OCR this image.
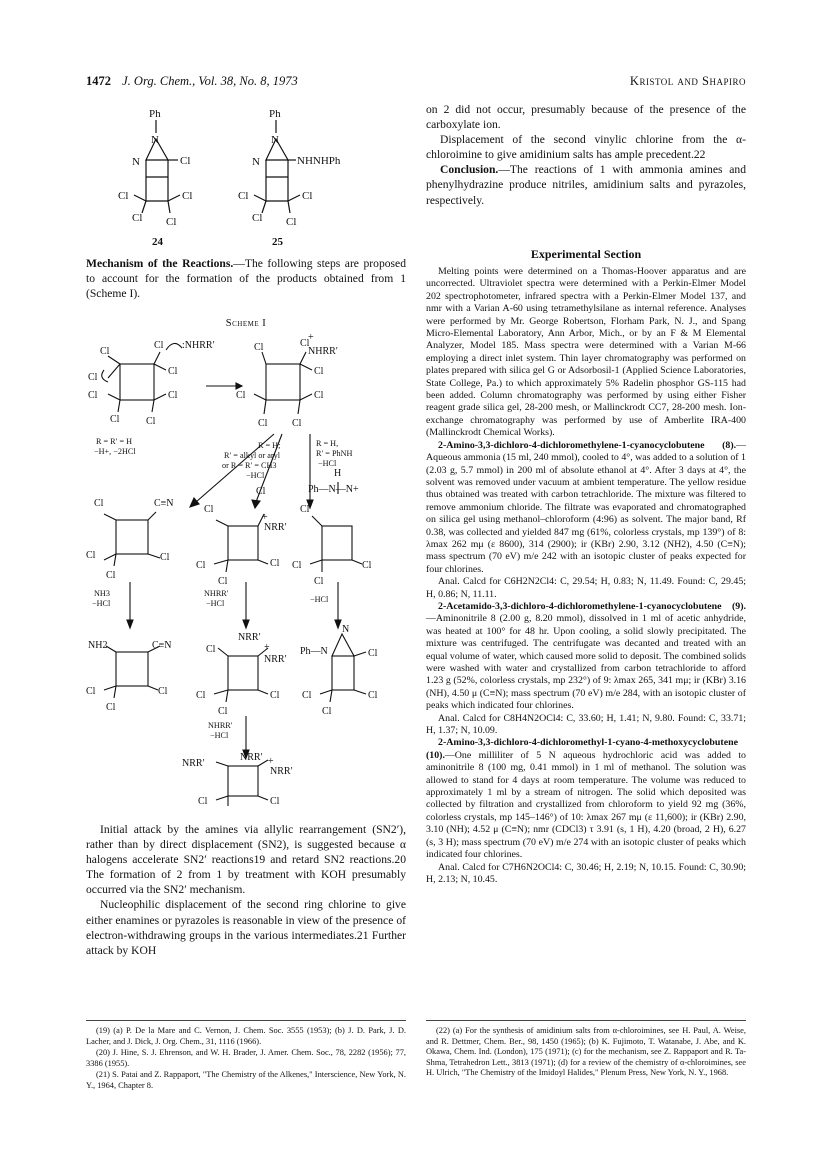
1472 J. Org. Chem., Vol. 38, No. 8, 1973	Kristol and Shapiro
Ph
N
N	Cl
Cl
Cl
Cl Cl
24
Ph
N
N	NHNHPh
Cl
Cl
Cl Cl
25

Mechanism of the Reactions.—The following steps are proposed to account for the formation of the products obtained from 1 (Scheme I).

Scheme I
Cl
Cl :NHRR′
Cl
Cl
Cl
Cl
Cl	Cl
Cl	Cl
+
NHRR′
Cl
Cl
Cl
Cl Cl
R = R′ = H
−H+, −2HCl
R = H;
R′ = alkyl or aryl
or R = R′ = CH3
−HCl
R = H,
R′ = PhNH
−HCl
Cl	C≡N
Cl	Cl
Cl
Cl
Cl
+
NRR′
Cl
Cl
Cl
H
Ph—N—N+
Cl
Cl
Cl
Cl
NH3
−HCl
NHRR′
−HCl	−HCl
NH2	C≡N
Cl	Cl
Cl
NRR′
Cl	+
NRR′
Cl
Cl
Cl
N
Ph—N	Cl
Cl
Cl
Cl
NHRR′
−HCl
NRR′
NRR′	+
NRR′
Cl
Cl

Initial attack by the amines via allylic rearrangement (SN2′), rather than by direct displacement (SN2), is suggested because α halogens accelerate SN2′ reactions19 and retard SN2 reactions.20 The formation of 2 from 1 by treatment with KOH presumably occurred via the SN2′ mechanism.

Nucleophilic displacement of the second ring chlorine to give either enamines or pyrazoles is reasonable in view of the presence of electron-withdrawing groups in the various intermediates.21 Further attack by KOH

(19) (a) P. De la Mare and C. Vernon, J. Chem. Soc. 3555 (1953); (b) J. D. Park, J. D. Lacher, and J. Dick, J. Org. Chem., 31, 1116 (1966).

(20) J. Hine, S. J. Ehrenson, and W. H. Brader, J. Amer. Chem. Soc., 78, 2282 (1956); 77, 3386 (1955).

(21) S. Patai and Z. Rappaport, "The Chemistry of the Alkenes," Interscience, New York, N. Y., 1964, Chapter 8.

on 2 did not occur, presumably because of the presence of the carboxylate ion.

Displacement of the second vinylic chlorine from the α-chloroimine to give amidinium salts has ample precedent.22

Conclusion.—The reactions of 1 with ammonia amines and phenylhydrazine produce nitriles, amidinium salts and pyrazoles, respectively.

Experimental Section

Melting points were determined on a Thomas-Hoover apparatus and are uncorrected. Ultraviolet spectra were determined with a Perkin-Elmer Model 202 spectrophotometer, infrared spectra with a Perkin-Elmer Model 137, and nmr with a Varian A-60 using tetramethylsilane as internal reference. Analyses were performed by Mr. George Robertson, Florham Park, N. J., and Spang Micro-Elemental Laboratory, Ann Arbor, Mich., or by an F & M Elemental Analyzer, Model 185. Mass spectra were determined with a Varian M-66 employing a direct inlet system. Thin layer chromatography was performed on plates prepared with silica gel G or Adsorbosil-1 (Applied Science Laboratories, State College, Pa.) to which approximately 5% Radelin phosphor GS-115 had been added. Column chromatography was performed by using either Fisher reagent grade silica gel, 28-200 mesh, or Mallinckrodt CC7, 28-200 mesh. Ion-exchange chromatography was performed by use of Amberlite IRA-400 (Mallinckrodt Chemical Works).

2-Amino-3,3-dichloro-4-dichloromethylene-1-cyanocyclobutene (8).—Aqueous ammonia (15 ml, 240 mmol), cooled to 4°, was added to a solution of 1 (2.03 g, 5.7 mmol) in 200 ml of absolute ethanol at 4°. After 3 days at 4°, the solvent was removed under vacuum at ambient temperature. The yellow residue thus obtained was treated with carbon tetrachloride. The mixture was filtered to remove ammonium chloride. The filtrate was evaporated and chromatographed on silica gel using methanol–chloroform (4:96) as solvent. The major band, Rf 0.38, was collected and yielded 847 mg (61%, colorless crystals, mp 139°) of 8: λmax 262 mμ (ε 8600), 314 (2900); ir (KBr) 2.90, 3.12 (NH2), 4.50 (C≡N); mass spectrum (70 eV) m/e 242 with an isotopic cluster of peaks expected for four chlorines.

Anal. Calcd for C6H2N2Cl4: C, 29.54; H, 0.83; N, 11.49. Found: C, 29.45; H, 0.86; N, 11.11.

2-Acetamido-3,3-dichloro-4-dichloromethylene-1-cyanocyclobutene (9).—Aminonitrile 8 (2.00 g, 8.20 mmol), dissolved in 1 ml of acetic anhydride, was heated at 100° for 48 hr. Upon cooling, a solid slowly precipitated. The mixture was centrifuged. The centrifugate was decanted and treated with an equal volume of water, which caused more solid to deposit. The combined solids were washed with water and crystallized from carbon tetrachloride to afford 1.23 g (52%, colorless crystals, mp 232°) of 9: λmax 265, 341 mμ; ir (KBr) 3.16 (NH), 4.50 μ (C≡N); mass spectrum (70 eV) m/e 284, with an isotopic cluster of peaks which indicated four chlorines.

Anal. Calcd for C8H4N2OCl4: C, 33.60; H, 1.41; N, 9.80. Found: C, 33.71; H, 1.37; N, 10.09.

2-Amino-3,3-dichloro-4-dichloromethyl-1-cyano-4-methoxycyclobutene (10).—One milliliter of 5 N aqueous hydrochloric acid was added to aminonitrile 8 (100 mg, 0.41 mmol) in 1 ml of methanol. The solution was allowed to stand for 4 days at room temperature. The volume was reduced to approximately 1 ml by a stream of nitrogen. The solid which deposited was collected by filtration and crystallized from chloroform to yield 92 mg (36%, colorless crystals, mp 145–146°) of 10: λmax 267 mμ (ε 11,600); ir (KBr) 2.90, 3.10 (NH); 4.52 μ (C≡N); nmr (CDCl3) τ 3.91 (s, 1 H), 4.20 (broad, 2 H), 6.27 (s, 3 H); mass spectrum (70 eV) m/e 274 with an isotopic cluster of peaks which indicated four chlorines.

Anal. Calcd for C7H6N2OCl4: C, 30.46; H, 2.19; N, 10.15. Found: C, 30.90; H, 2.13; N, 10.45.

(22) (a) For the synthesis of amidinium salts from α-chloroimines, see H. Paul, A. Weise, and R. Dettmer, Chem. Ber., 98, 1450 (1965); (b) K. Fujimoto, T. Watanabe, J. Abe, and K. Okawa, Chem. Ind. (London), 175 (1971); (c) for the mechanism, see Z. Rappaport and R. Ta-Shma, Tetrahedron Lett., 3813 (1971); (d) for a review of the chemistry of α-chloroimines, see H. Ulrich, "The Chemistry of the Imidoyl Halides," Plenum Press, New York, N. Y., 1968.
